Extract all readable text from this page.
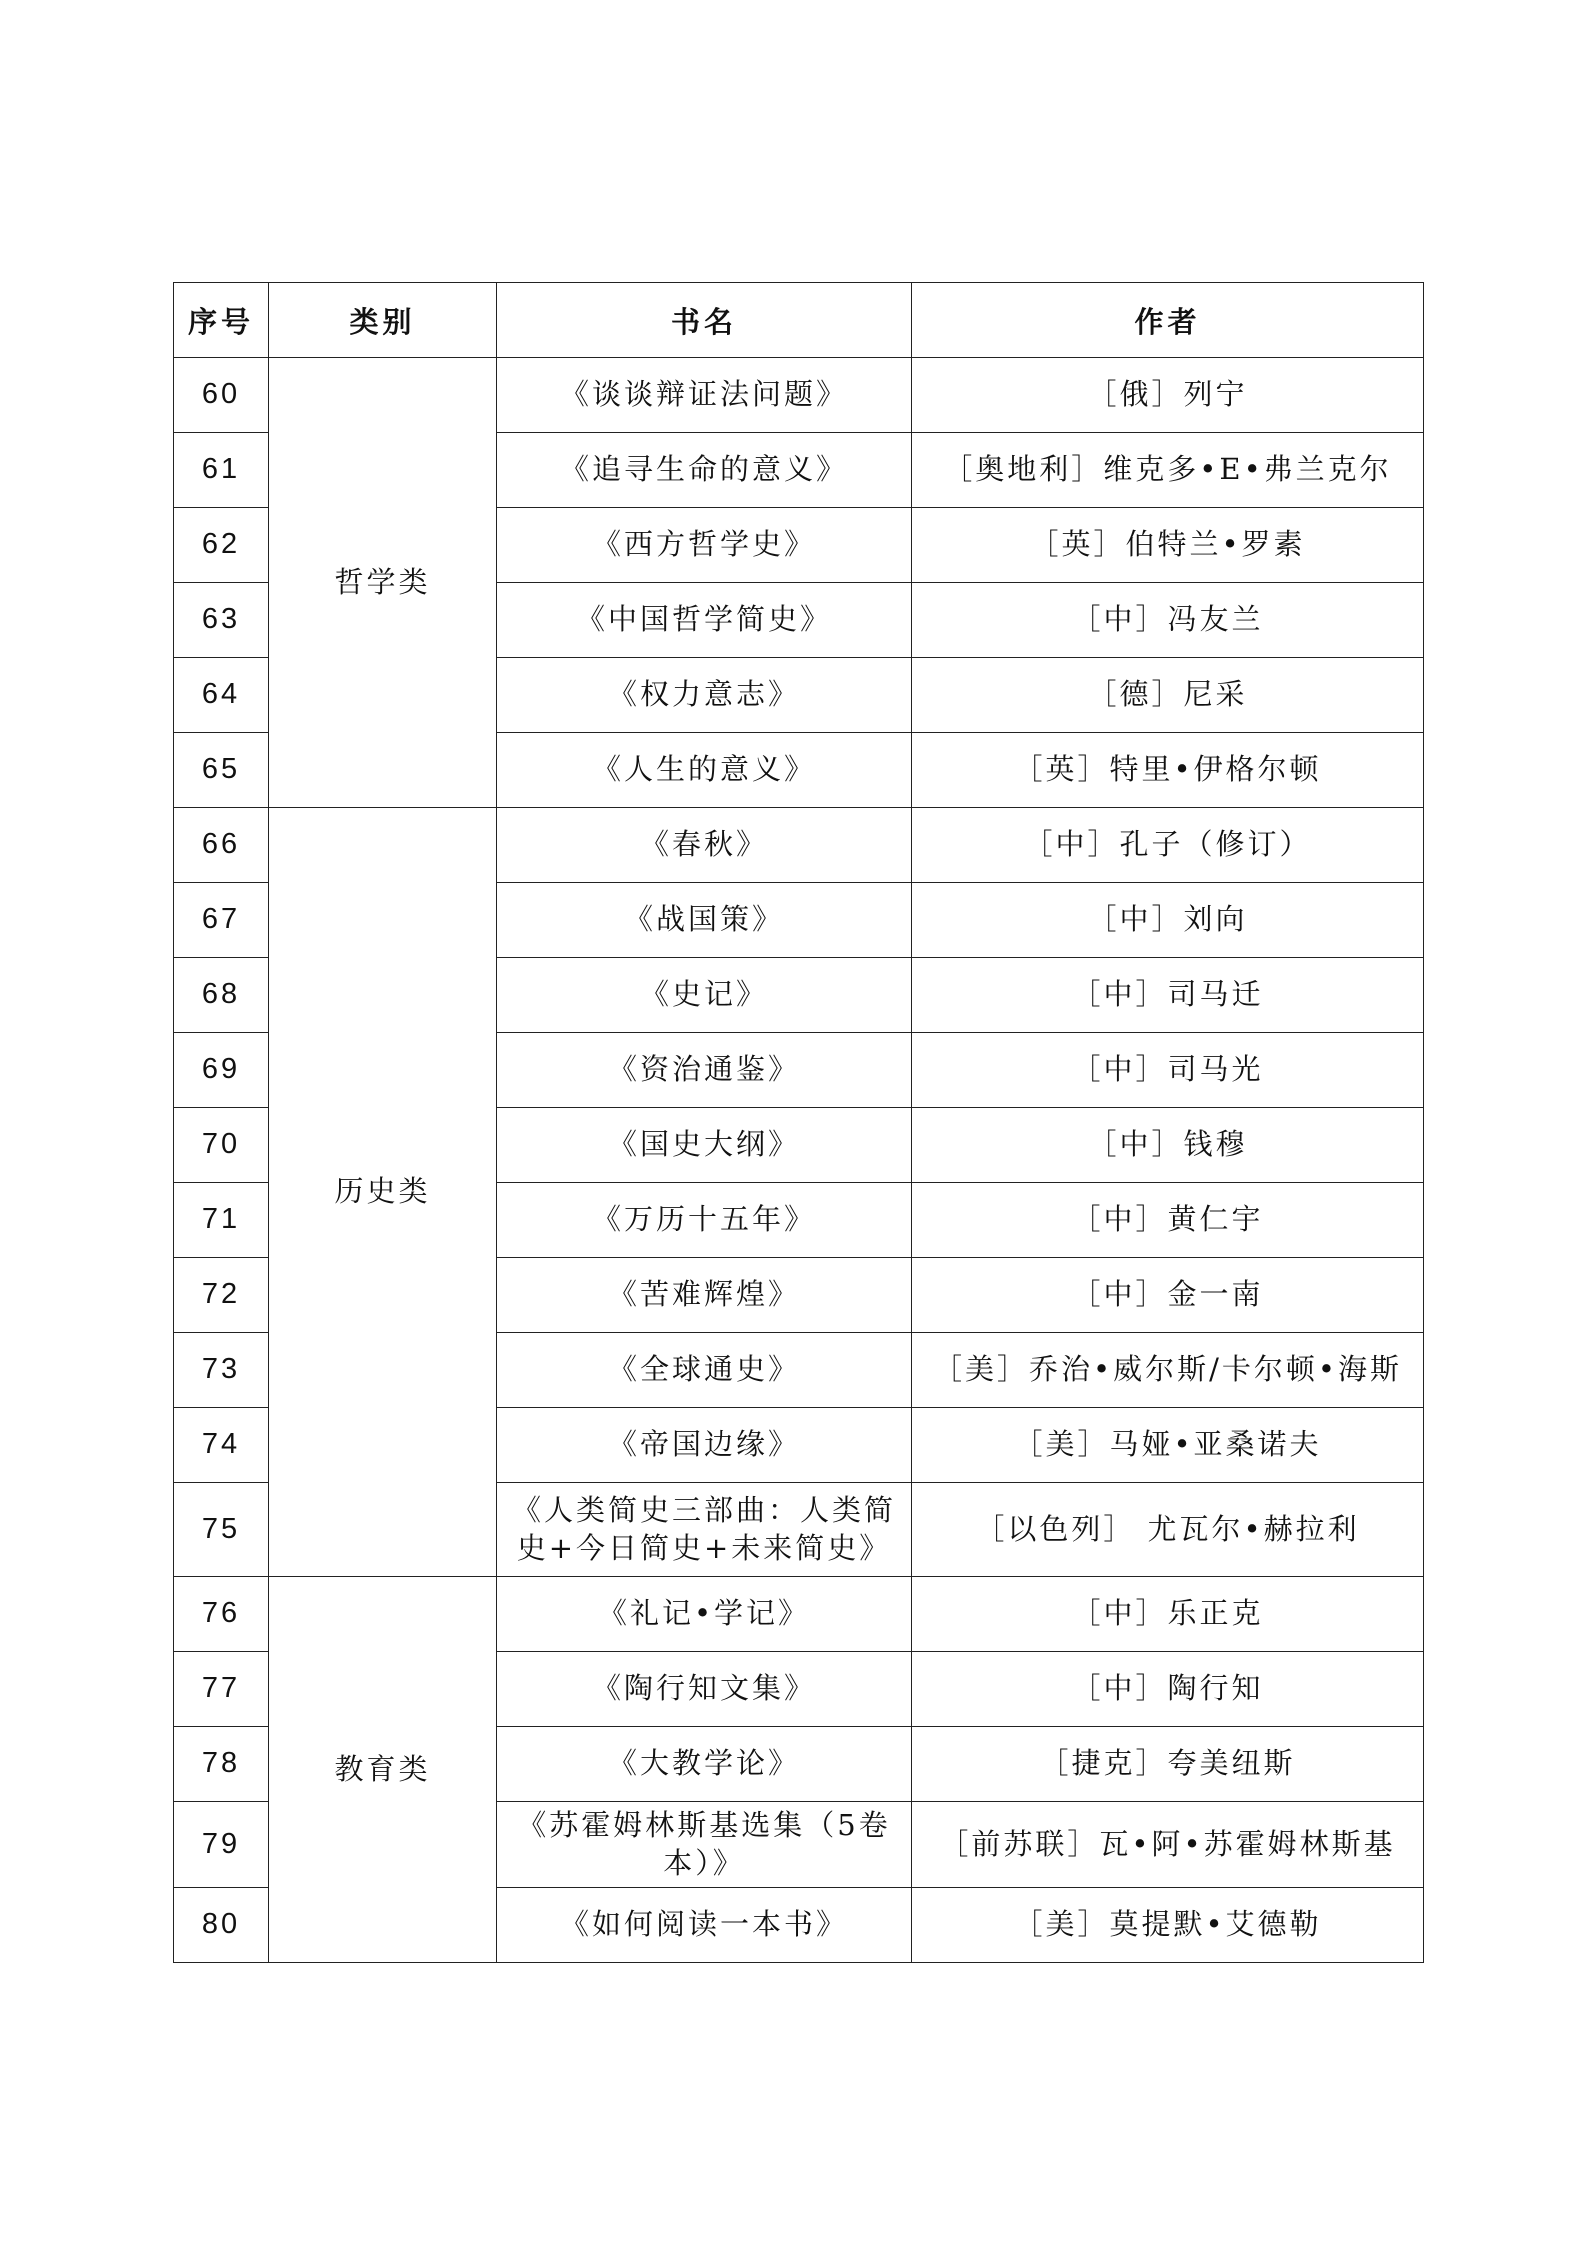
序号	类别	书名	作者
60	哲学类	《谈谈辩证法问题》	［俄］列宁
61		《追寻生命的意义》	［奥地利］维克多•E•弗兰克尔
62		《西方哲学史》	［英］伯特兰•罗素
63		《中国哲学简史》	［中］冯友兰
64		《权力意志》	［德］尼采
65		《人生的意义》	［英］特里•伊格尔顿
66	历史类	《春秋》	［中］孔子（修订）
67		《战国策》	［中］刘向
68		《史记》	［中］司马迁
69		《资治通鉴》	［中］司马光
70		《国史大纲》	［中］钱穆
71		《万历十五年》	［中］黄仁宇
72		《苦难辉煌》	［中］金一南
73		《全球通史》	［美］乔治•威尔斯/卡尔顿•海斯
74		《帝国边缘》	［美］马娅•亚桑诺夫
75		《人类简史三部曲：人类简史+今日简史+未来简史》	［以色列］ 尤瓦尔•赫拉利
76	教育类	《礼记•学记》	［中］乐正克
77		《陶行知文集》	［中］陶行知
78		《大教学论》	［捷克］夸美纽斯
79		《苏霍姆林斯基选集（5卷本）》	［前苏联］瓦•阿•苏霍姆林斯基
80		《如何阅读一本书》	［美］莫提默•艾德勒
